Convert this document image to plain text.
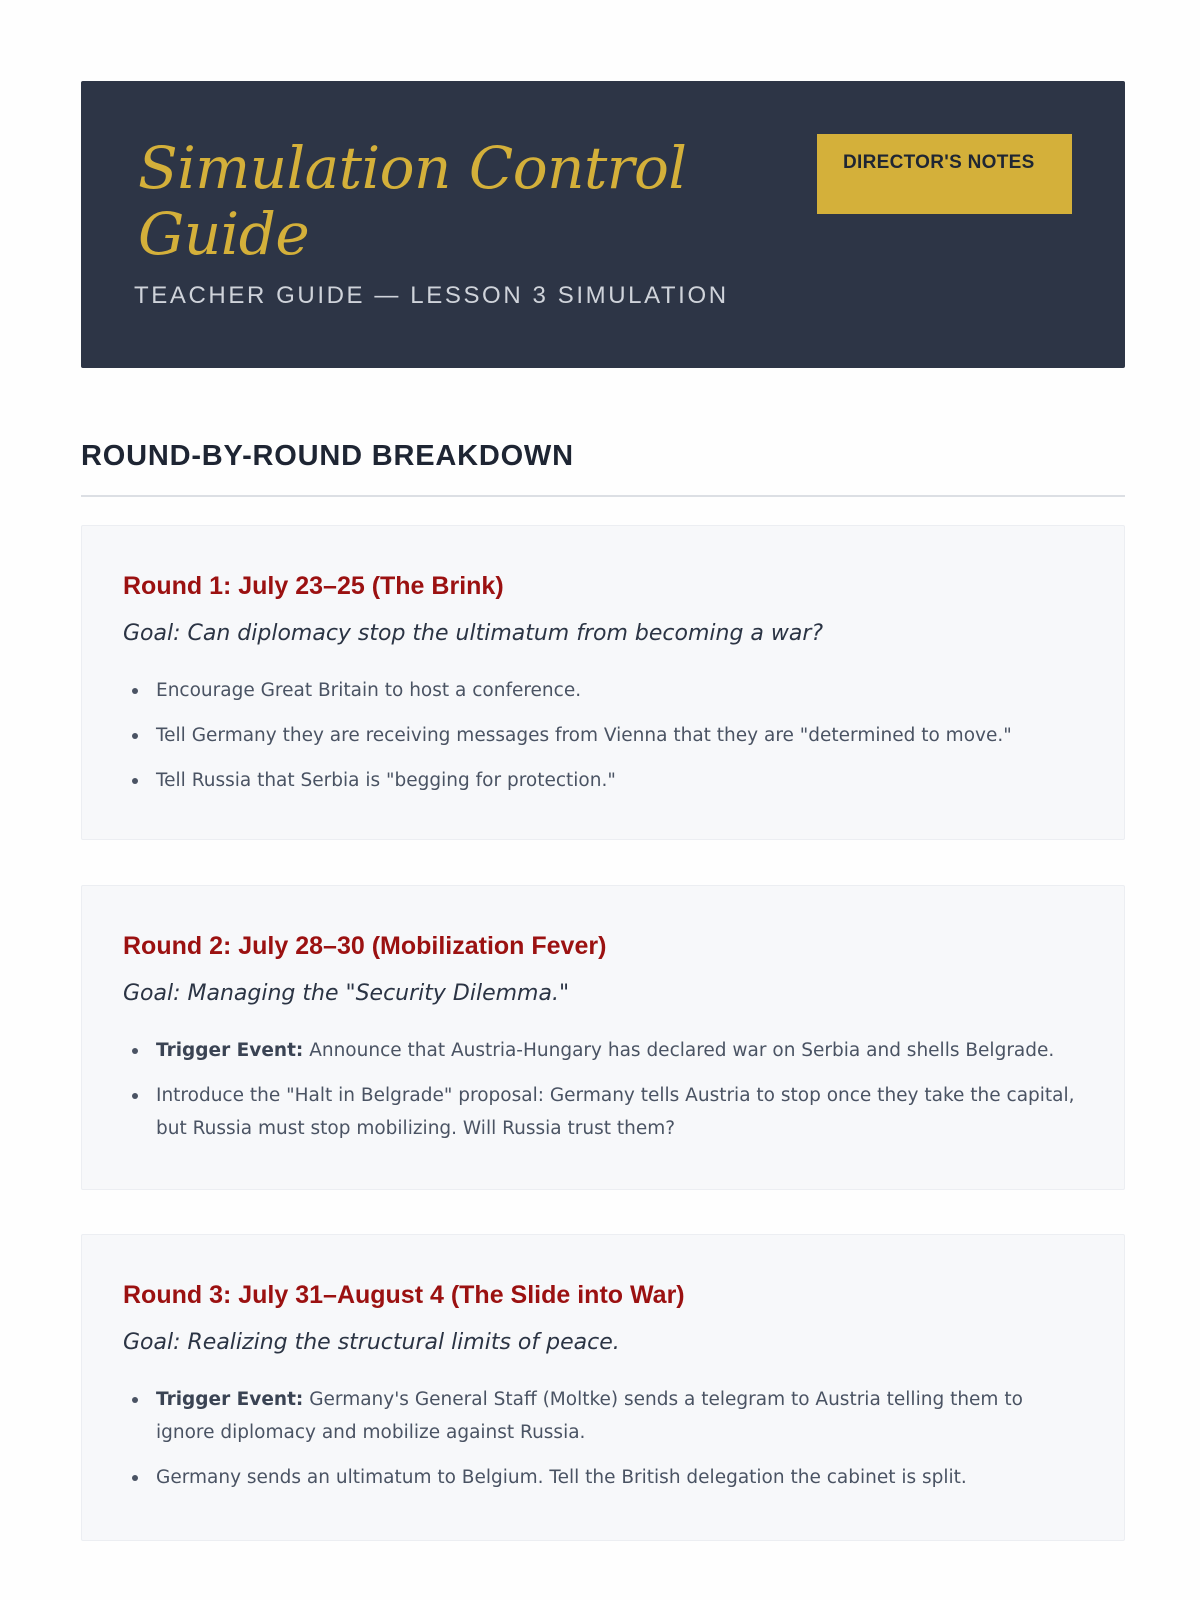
Simulation Control Guide

TEACHER GUIDE — LESSON 3 SIMULATION

DIRECTOR'S NOTES
ROUND-BY-ROUND BREAKDOWN
Round 1: July 23–25 (The Brink)

Goal: Can diplomacy stop the ultimatum from becoming a war?

Encourage Great Britain to host a conference.
Tell Germany they are receiving messages from Vienna that they are "determined to move."
Tell Russia that Serbia is "begging for protection."
Round 2: July 28–30 (Mobilization Fever)

Goal: Managing the "Security Dilemma."

Trigger Event: Announce that Austria-Hungary has declared war on Serbia and shells Belgrade.
Introduce the "Halt in Belgrade" proposal: Germany tells Austria to stop once they take the capital, but Russia must stop mobilizing. Will Russia trust them?
Round 3: July 31–August 4 (The Slide into War)

Goal: Realizing the structural limits of peace.

Trigger Event: Germany's General Staff (Moltke) sends a telegram to Austria telling them to ignore diplomacy and mobilize against Russia.
Germany sends an ultimatum to Belgium. Tell the British delegation the cabinet is split.
